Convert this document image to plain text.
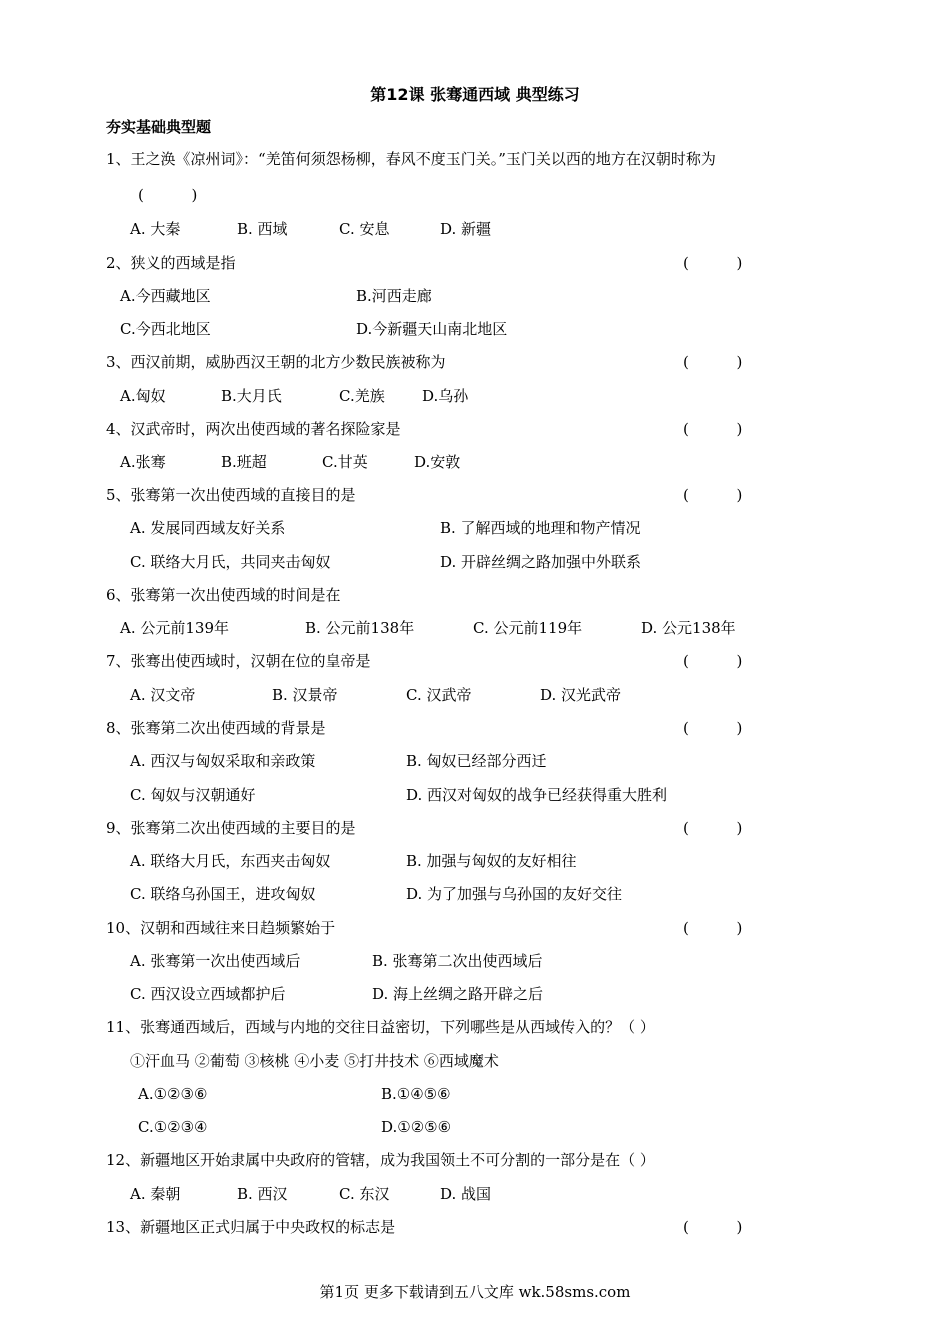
第12课 张骞通西域 典型练习
夯实基础典型题
1、王之涣《凉州词》：“羌笛何须怨杨柳，春风不度玉门关。”玉门关以西的地方在汉朝时称为
(          )
A. 大秦	B. 西域	C. 安息	D. 新疆
2、狭义的西域是指	(          )
A.今西藏地区	B.河西走廊
C.今西北地区	D.今新疆天山南北地区
3、西汉前期，威胁西汉王朝的北方少数民族被称为	(          )
A.匈奴	B.大月氏	C.羌族 D.乌孙
4、汉武帝时，两次出使西域的著名探险家是	(          )
A.张骞	B.班超	C.甘英	D.安敦
5、张骞第一次出使西域的直接目的是	(          )
A. 发展同西域友好关系	B. 了解西域的地理和物产情况
C. 联络大月氏，共同夹击匈奴	D. 开辟丝绸之路加强中外联系
6、张骞第一次出使西域的时间是在
A. 公元前139年	B. 公元前138年	C. 公元前119年	D. 公元138年
7、张骞出使西域时，汉朝在位的皇帝是	(          )
A. 汉文帝	B. 汉景帝	C. 汉武帝	D. 汉光武帝
8、张骞第二次出使西域的背景是	(          )
A. 西汉与匈奴采取和亲政策	B. 匈奴已经部分西迁
C. 匈奴与汉朝通好	D. 西汉对匈奴的战争已经获得重大胜利
9、张骞第二次出使西域的主要目的是	(          )
A. 联络大月氏，东西夹击匈奴	B. 加强与匈奴的友好相往
C. 联络乌孙国王，进攻匈奴	D. 为了加强与乌孙国的友好交往
10、汉朝和西域往来日趋频繁始于	(          )
A. 张骞第一次出使西域后	B. 张骞第二次出使西域后
C. 西汉设立西域都护后	D. 海上丝绸之路开辟之后
11、张骞通西域后，西域与内地的交往日益密切，下列哪些是从西域传入的？（ ）
①汗血马 ②葡萄 ③核桃 ④小麦 ⑤打井技术 ⑥西域魔术
A.①②③⑥	B.①④⑤⑥
C.①②③④	D.①②⑤⑥
12、新疆地区开始隶属中央政府的管辖，成为我国领土不可分割的一部分是在（ ）
A. 秦朝	B. 西汉	C. 东汉	D. 战国
13、新疆地区正式归属于中央政权的标志是	(          )
第1页 更多下载请到五八文库 wk.58sms.com
